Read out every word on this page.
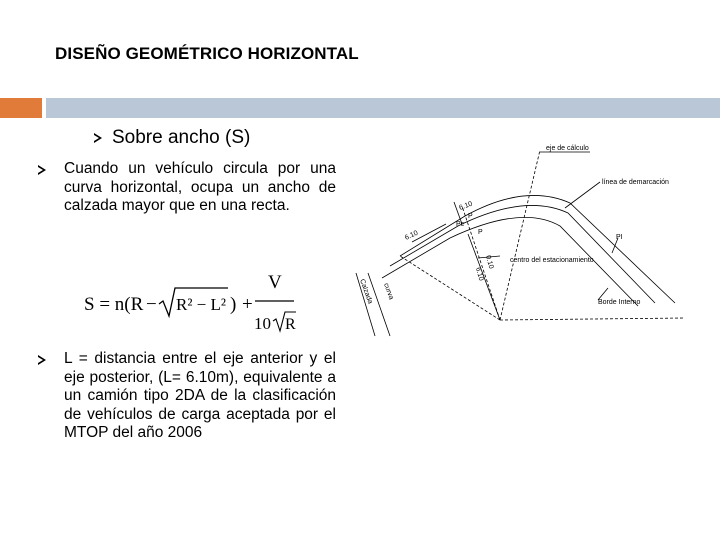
DISEÑO GEOMÉTRICO HORIZONTAL
Sobre ancho (S)
Cuando un vehículo circula por una curva horizontal, ocupa un ancho de calzada mayor que en una recta.
S = n(R − R² − L² ) +
V
10 R
L = distancia entre el eje anterior y el eje posterior, (L= 6.10m), equivalente a un camión tipo 2DA de la clasificación de vehículos de carga aceptada por el MTOP del año 2006
eje de cálculo
línea de demarcación
PI
Borde Interno
Pc
P
P
6.10
6.10
6.10
0.10 centro del estacionamiento
Calzada curva
